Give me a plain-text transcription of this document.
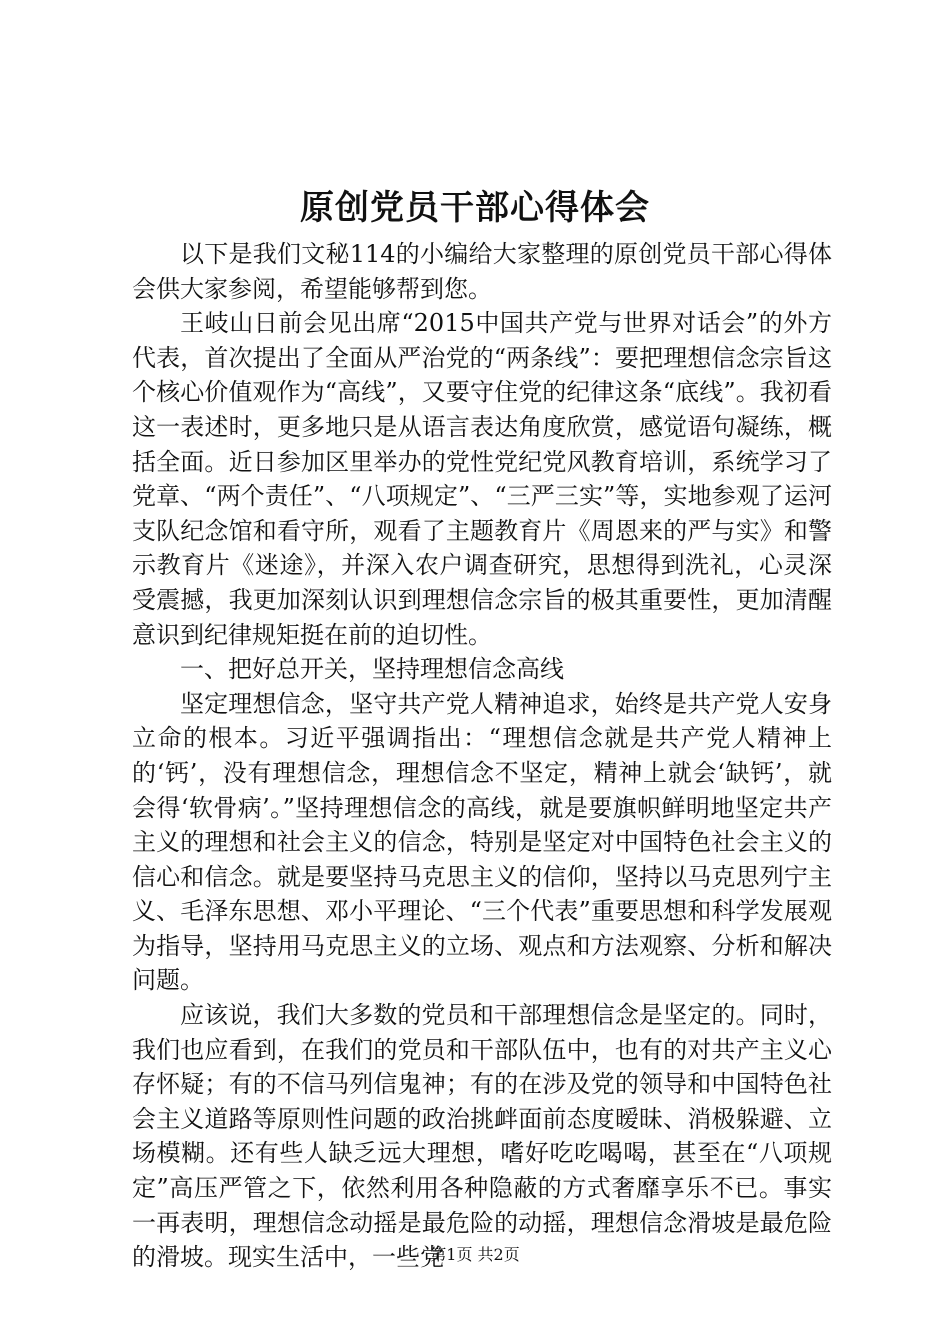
原创党员干部心得体会

以下是我们文秘114的小编给大家整理的原创党员干部心得体会供大家参阅，希望能够帮到您。

王岐山日前会见出席“2015中国共产党与世界对话会”的外方代表，首次提出了全面从严治党的“两条线”：要把理想信念宗旨这个核心价值观作为“高线”，又要守住党的纪律这条“底线”。我初看这一表述时，更多地只是从语言表达角度欣赏，感觉语句凝练，概括全面。近日参加区里举办的党性党纪党风教育培训，系统学习了党章、“两个责任”、“八项规定”、“三严三实”等，实地参观了运河支队纪念馆和看守所，观看了主题教育片《周恩来的严与实》和警示教育片《迷途》，并深入农户调查研究，思想得到洗礼，心灵深受震撼，我更加深刻认识到理想信念宗旨的极其重要性，更加清醒意识到纪律规矩挺在前的迫切性。

一、把好总开关，坚持理想信念高线

坚定理想信念，坚守共产党人精神追求，始终是共产党人安身立命的根本。习近平强调指出：“理想信念就是共产党人精神上的‘钙’，没有理想信念，理想信念不坚定，精神上就会‘缺钙’，就会得‘软骨病’。”坚持理想信念的高线，就是要旗帜鲜明地坚定共产主义的理想和社会主义的信念，特别是坚定对中国特色社会主义的信心和信念。就是要坚持马克思主义的信仰，坚持以马克思列宁主义、毛泽东思想、邓小平理论、“三个代表”重要思想和科学发展观为指导，坚持用马克思主义的立场、观点和方法观察、分析和解决问题。

应该说，我们大多数的党员和干部理想信念是坚定的。同时，我们也应看到，在我们的党员和干部队伍中，也有的对共产主义心存怀疑；有的不信马列信鬼神；有的在涉及党的领导和中国特色社会主义道路等原则性问题的政治挑衅面前态度暧昧、消极躲避、立场模糊。还有些人缺乏远大理想，嗜好吃吃喝喝，甚至在“八项规定”高压严管之下，依然利用各种隐蔽的方式奢靡享乐不已。事实一再表明，理想信念动摇是最危险的动摇，理想信念滑坡是最危险的滑坡。现实生活中，一些党

第1页 共2页
